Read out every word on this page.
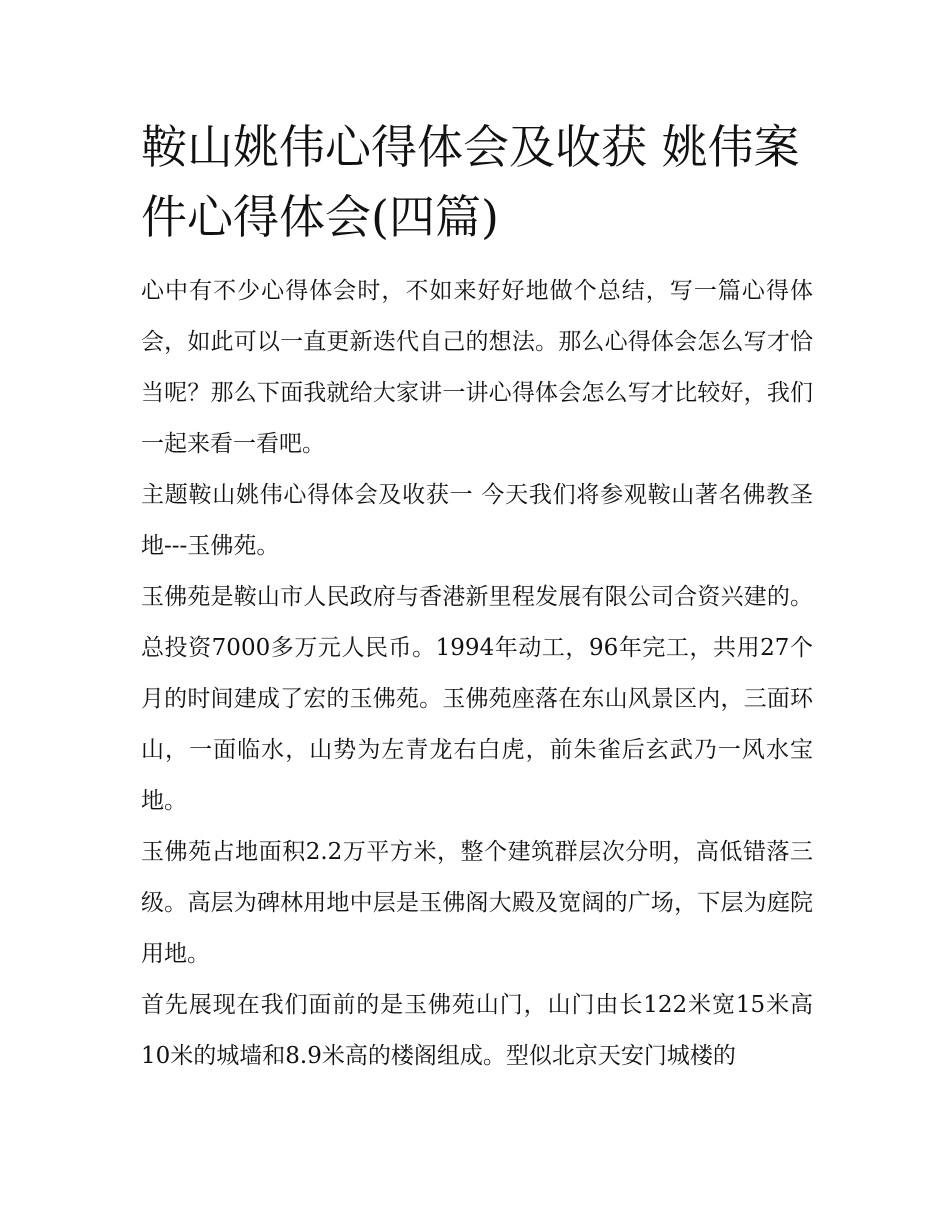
鞍山姚伟心得体会及收获 姚伟案件心得体会(四篇)

心中有不少心得体会时，不如来好好地做个总结，写一篇心得体会，如此可以一直更新迭代自己的想法。那么心得体会怎么写才恰当呢？那么下面我就给大家讲一讲心得体会怎么写才比较好，我们一起来看一看吧。

主题鞍山姚伟心得体会及收获一 今天我们将参观鞍山著名佛教圣地---玉佛苑。

玉佛苑是鞍山市人民政府与香港新里程发展有限公司合资兴建的。总投资7000多万元人民币。1994年动工，96年完工，共用27个月的时间建成了宏的玉佛苑。玉佛苑座落在东山风景区内，三面环山，一面临水，山势为左青龙右白虎，前朱雀后玄武乃一风水宝地。

玉佛苑占地面积2.2万平方米，整个建筑群层次分明，高低错落三级。高层为碑林用地中层是玉佛阁大殿及宽阔的广场，下层为庭院用地。

首先展现在我们面前的是玉佛苑山门，山门由长122米宽15米高10米的城墙和8.9米高的楼阁组成。型似北京天安门城楼的
